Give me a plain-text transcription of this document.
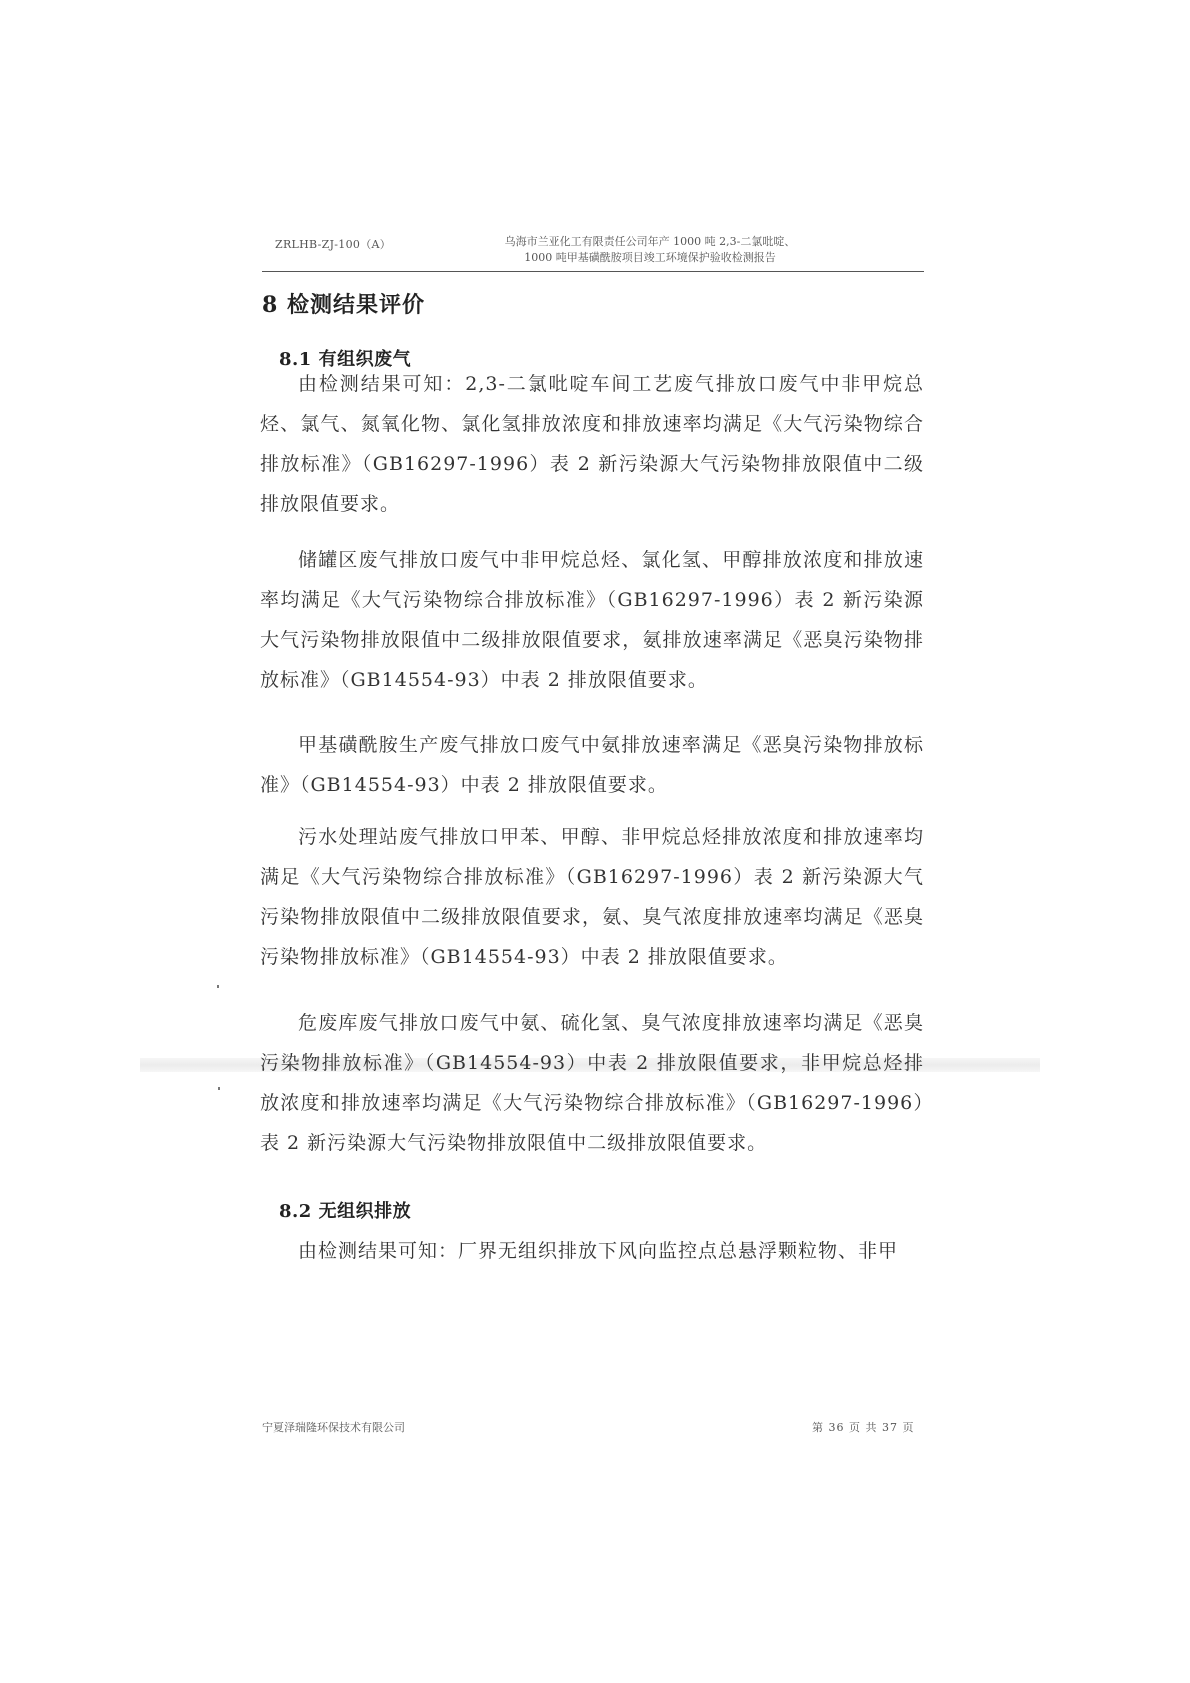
ZRLHB-ZJ-100（A）	乌海市兰亚化工有限责任公司年产 1000 吨 2,3-二氯吡啶、
1000 吨甲基磺酰胺项目竣工环境保护验收检测报告
8 检测结果评价
8.1 有组织废气

由检测结果可知：2,3-二氯吡啶车间工艺废气排放口废气中非甲烷总烃、氯气、氮氧化物、氯化氢排放浓度和排放速率均满足《大气污染物综合排放标准》（GB16297-1996）表 2 新污染源大气污染物排放限值中二级排放限值要求。

储罐区废气排放口废气中非甲烷总烃、氯化氢、甲醇排放浓度和排放速率均满足《大气污染物综合排放标准》（GB16297-1996）表 2 新污染源大气污染物排放限值中二级排放限值要求，氨排放速率满足《恶臭污染物排放标准》（GB14554-93）中表 2 排放限值要求。

甲基磺酰胺生产废气排放口废气中氨排放速率满足《恶臭污染物排放标准》（GB14554-93）中表 2 排放限值要求。

污水处理站废气排放口甲苯、甲醇、非甲烷总烃排放浓度和排放速率均满足《大气污染物综合排放标准》（GB16297-1996）表 2 新污染源大气污染物排放限值中二级排放限值要求，氨、臭气浓度排放速率均满足《恶臭污染物排放标准》（GB14554-93）中表 2 排放限值要求。

危废库废气排放口废气中氨、硫化氢、臭气浓度排放速率均满足《恶臭污染物排放标准》（GB14554-93）中表 2 排放限值要求，非甲烷总烃排放浓度和排放速率均满足《大气污染物综合排放标准》（GB16297-1996）表 2 新污染源大气污染物排放限值中二级排放限值要求。

8.2 无组织排放

由检测结果可知：厂界无组织排放下风向监控点总悬浮颗粒物、非甲

宁夏泽瑞隆环保技术有限公司	第 36 页 共 37 页
